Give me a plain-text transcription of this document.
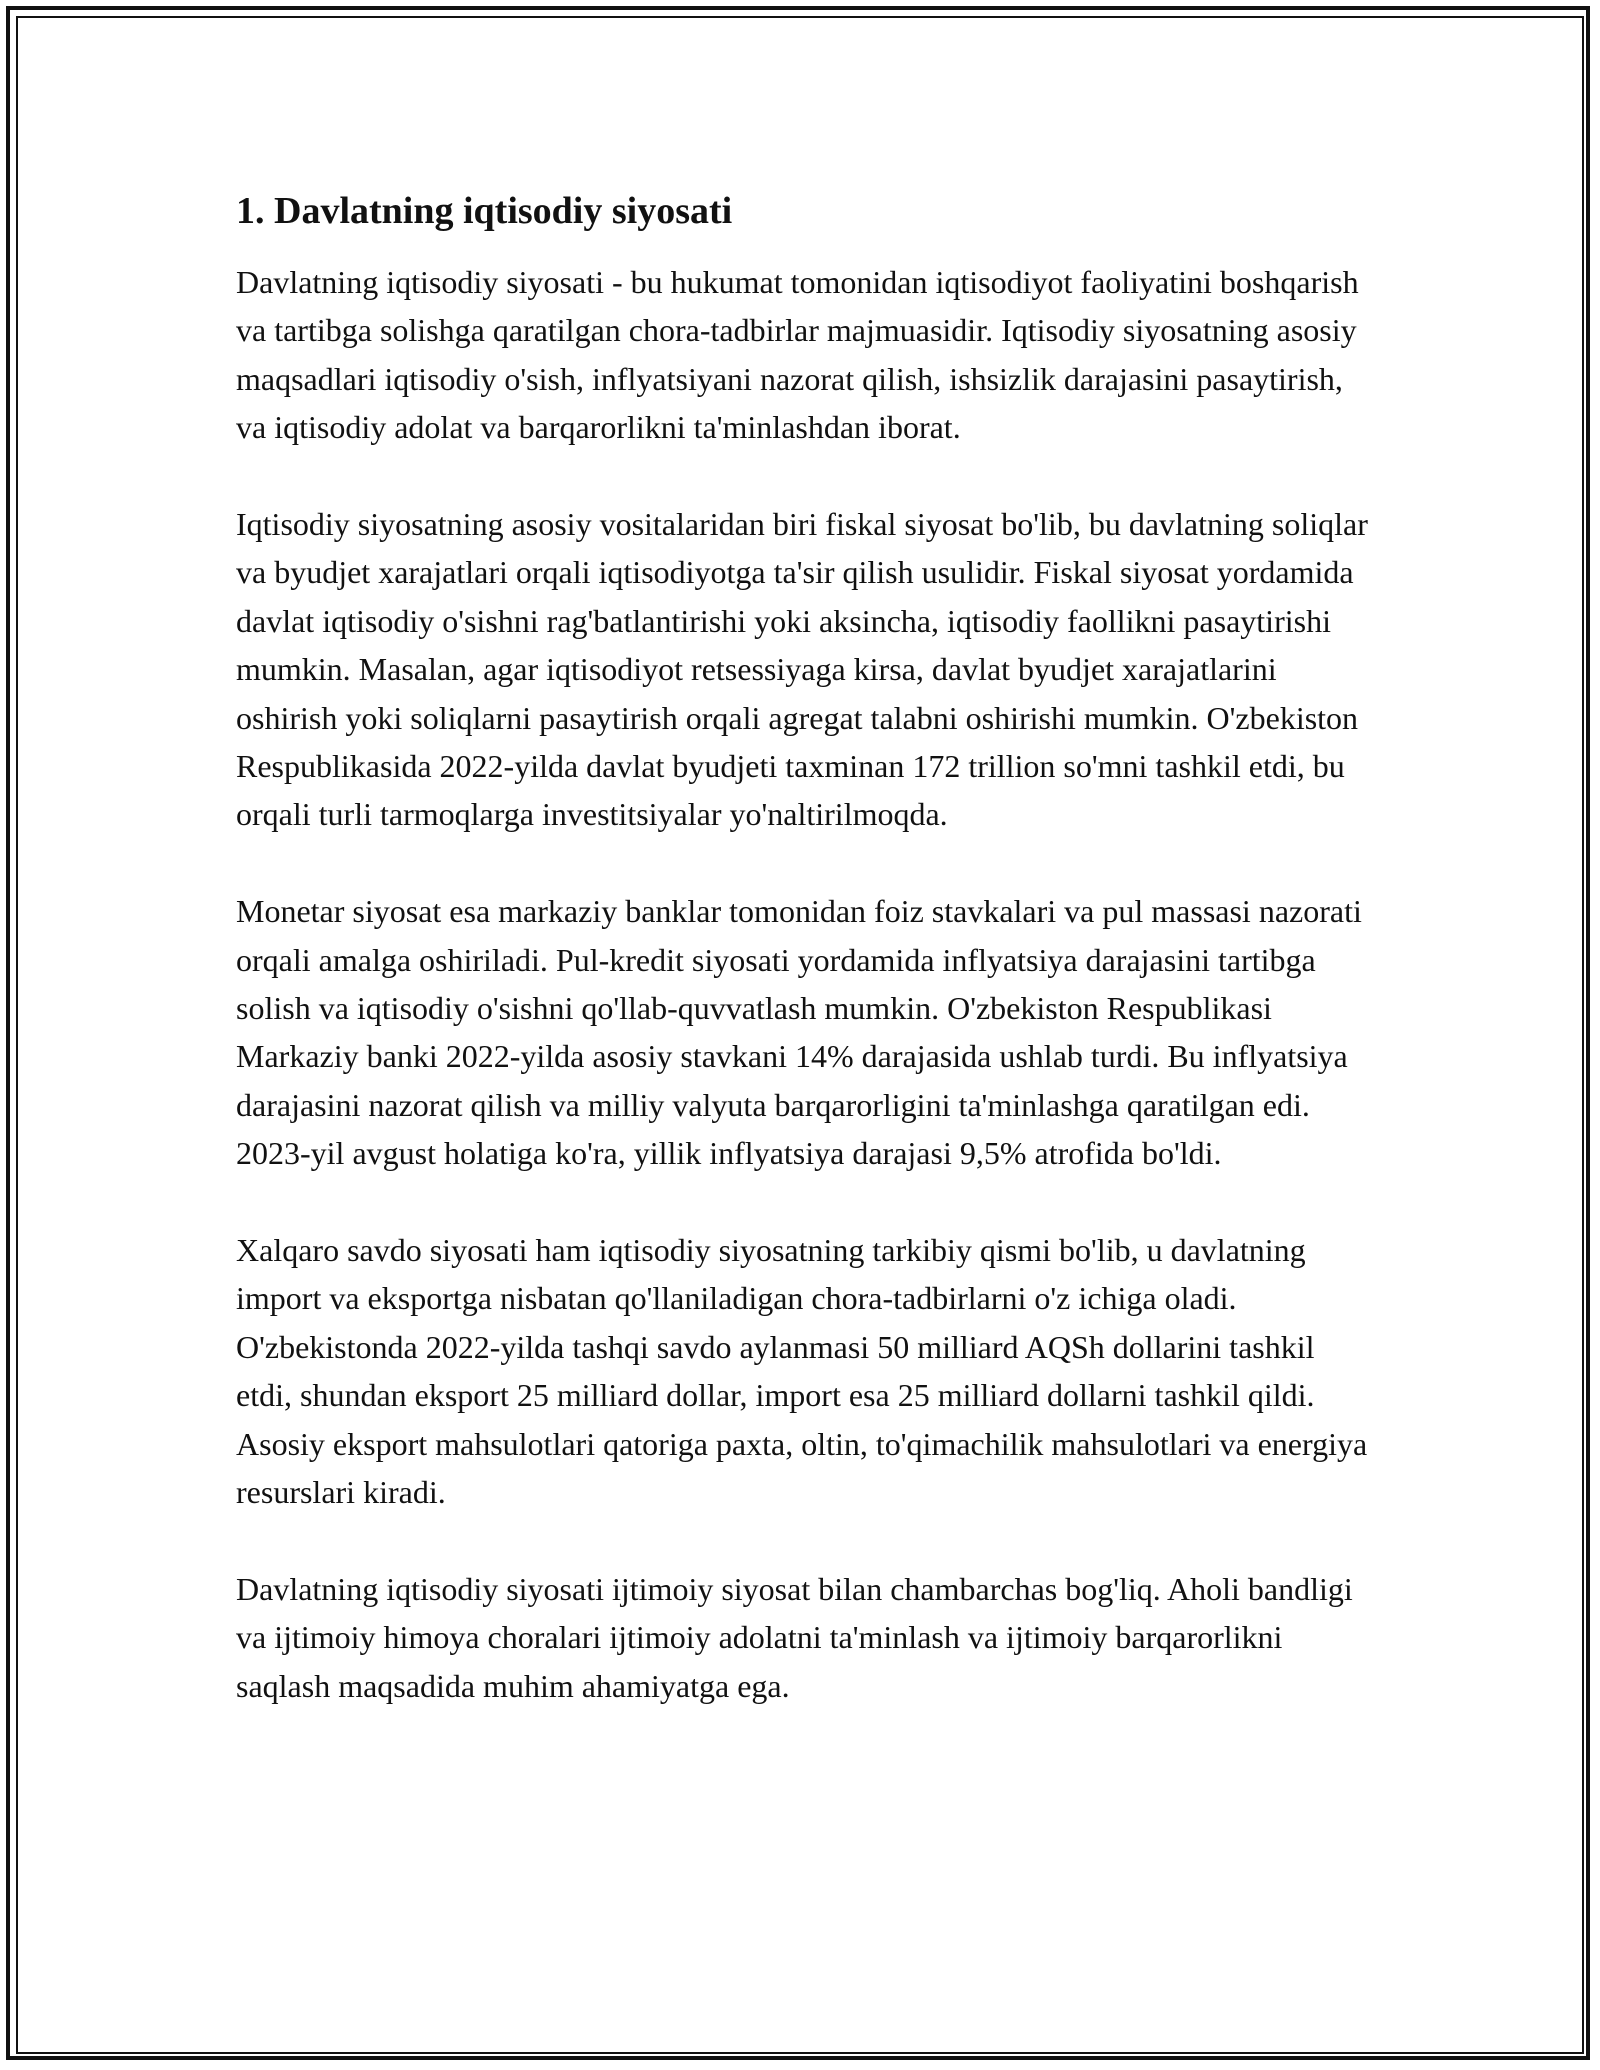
1. Davlatning iqtisodiy siyosati

Davlatning iqtisodiy siyosati - bu hukumat tomonidan iqtisodiyot faoliyatini boshqarish va tartibga solishga qaratilgan chora-tadbirlar majmuasidir. Iqtisodiy siyosatning asosiy maqsadlari iqtisodiy o'sish, inflyatsiyani nazorat qilish, ishsizlik darajasini pasaytirish, va iqtisodiy adolat va barqarorlikni ta'minlashdan iborat.

Iqtisodiy siyosatning asosiy vositalaridan biri fiskal siyosat bo'lib, bu davlatning soliqlar va byudjet xarajatlari orqali iqtisodiyotga ta'sir qilish usulidir. Fiskal siyosat yordamida davlat iqtisodiy o'sishni rag'batlantirishi yoki aksincha, iqtisodiy faollikni pasaytirishi mumkin. Masalan, agar iqtisodiyot retsessiyaga kirsa, davlat byudjet xarajatlarini oshirish yoki soliqlarni pasaytirish orqali agregat talabni oshirishi mumkin. O'zbekiston Respublikasida 2022-yilda davlat byudjeti taxminan 172 trillion so'mni tashkil etdi, bu orqali turli tarmoqlarga investitsiyalar yo'naltirilmoqda.

Monetar siyosat esa markaziy banklar tomonidan foiz stavkalari va pul massasi nazorati orqali amalga oshiriladi. Pul-kredit siyosati yordamida inflyatsiya darajasini tartibga solish va iqtisodiy o'sishni qo'llab-quvvatlash mumkin. O'zbekiston Respublikasi Markaziy banki 2022-yilda asosiy stavkani 14% darajasida ushlab turdi. Bu inflyatsiya darajasini nazorat qilish va milliy valyuta barqarorligini ta'minlashga qaratilgan edi. 2023-yil avgust holatiga ko'ra, yillik inflyatsiya darajasi 9,5% atrofida bo'ldi.

Xalqaro savdo siyosati ham iqtisodiy siyosatning tarkibiy qismi bo'lib, u davlatning import va eksportga nisbatan qo'llaniladigan chora-tadbirlarni o'z ichiga oladi. O'zbekistonda 2022-yilda tashqi savdo aylanmasi 50 milliard AQSh dollarini tashkil etdi, shundan eksport 25 milliard dollar, import esa 25 milliard dollarni tashkil qildi. Asosiy eksport mahsulotlari qatoriga paxta, oltin, to'qimachilik mahsulotlari va energiya resurslari kiradi.

Davlatning iqtisodiy siyosati ijtimoiy siyosat bilan chambarchas bog'liq. Aholi bandligi va ijtimoiy himoya choralari ijtimoiy adolatni ta'minlash va ijtimoiy barqarorlikni saqlash maqsadida muhim ahamiyatga ega.
